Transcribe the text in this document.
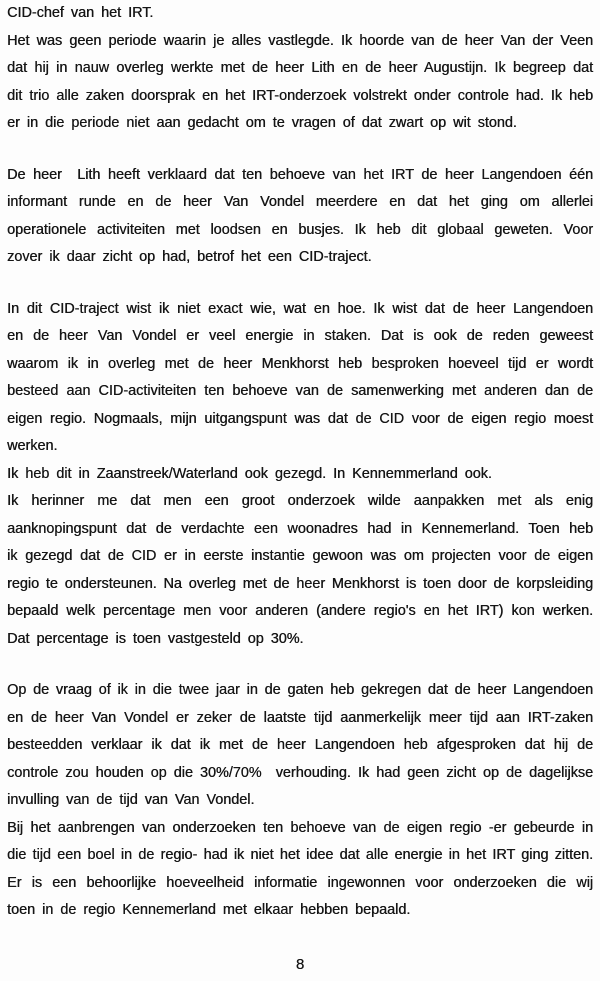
CID-chef van het IRT.
Het was geen periode waarin je alles vastlegde. Ik hoorde van de heer Van der Veen
dat hij in nauw overleg werkte met de heer Lith en de heer Augustijn. Ik begreep dat
dit trio alle zaken doorsprak en het IRT-onderzoek volstrekt onder controle had. Ik heb
er in die periode niet aan gedacht om te vragen of dat zwart op wit stond.
De heer  Lith heeft verklaard dat ten behoeve van het IRT de heer Langendoen één
informant runde en de heer Van Vondel meerdere en dat het ging om allerlei
operationele activiteiten met loodsen en busjes. Ik heb dit globaal geweten. Voor
zover ik daar zicht op had, betrof het een CID-traject.
In dit CID-traject wist ik niet exact wie, wat en hoe. Ik wist dat de heer Langendoen
en de heer Van Vondel er veel energie in staken. Dat is ook de reden geweest
waarom ik in overleg met de heer Menkhorst heb besproken hoeveel tijd er wordt
besteed aan CID-activiteiten ten behoeve van de samenwerking met anderen dan de
eigen regio. Nogmaals, mijn uitgangspunt was dat de CID voor de eigen regio moest
werken.
Ik heb dit in Zaanstreek/Waterland ook gezegd. In Kennemmerland ook.
Ik herinner me dat men een groot onderzoek wilde aanpakken met als enig
aanknopingspunt dat de verdachte een woonadres had in Kennemerland. Toen heb
ik gezegd dat de CID er in eerste instantie gewoon was om projecten voor de eigen
regio te ondersteunen. Na overleg met de heer Menkhorst is toen door de korpsleiding
bepaald welk percentage men voor anderen (andere regio's en het IRT) kon werken.
Dat percentage is toen vastgesteld op 30%.
Op de vraag of ik in die twee jaar in de gaten heb gekregen dat de heer Langendoen
en de heer Van Vondel er zeker de laatste tijd aanmerkelijk meer tijd aan IRT-zaken
besteedden verklaar ik dat ik met de heer Langendoen heb afgesproken dat hij de
controle zou houden op die 30%/70%  verhouding. Ik had geen zicht op de dagelijkse
invulling van de tijd van Van Vondel.
Bij het aanbrengen van onderzoeken ten behoeve van de eigen regio -er gebeurde in
die tijd een boel in de regio- had ik niet het idee dat alle energie in het IRT ging zitten.
Er is een behoorlijke hoeveelheid informatie ingewonnen voor onderzoeken die wij
toen in de regio Kennemerland met elkaar hebben bepaald.
8
